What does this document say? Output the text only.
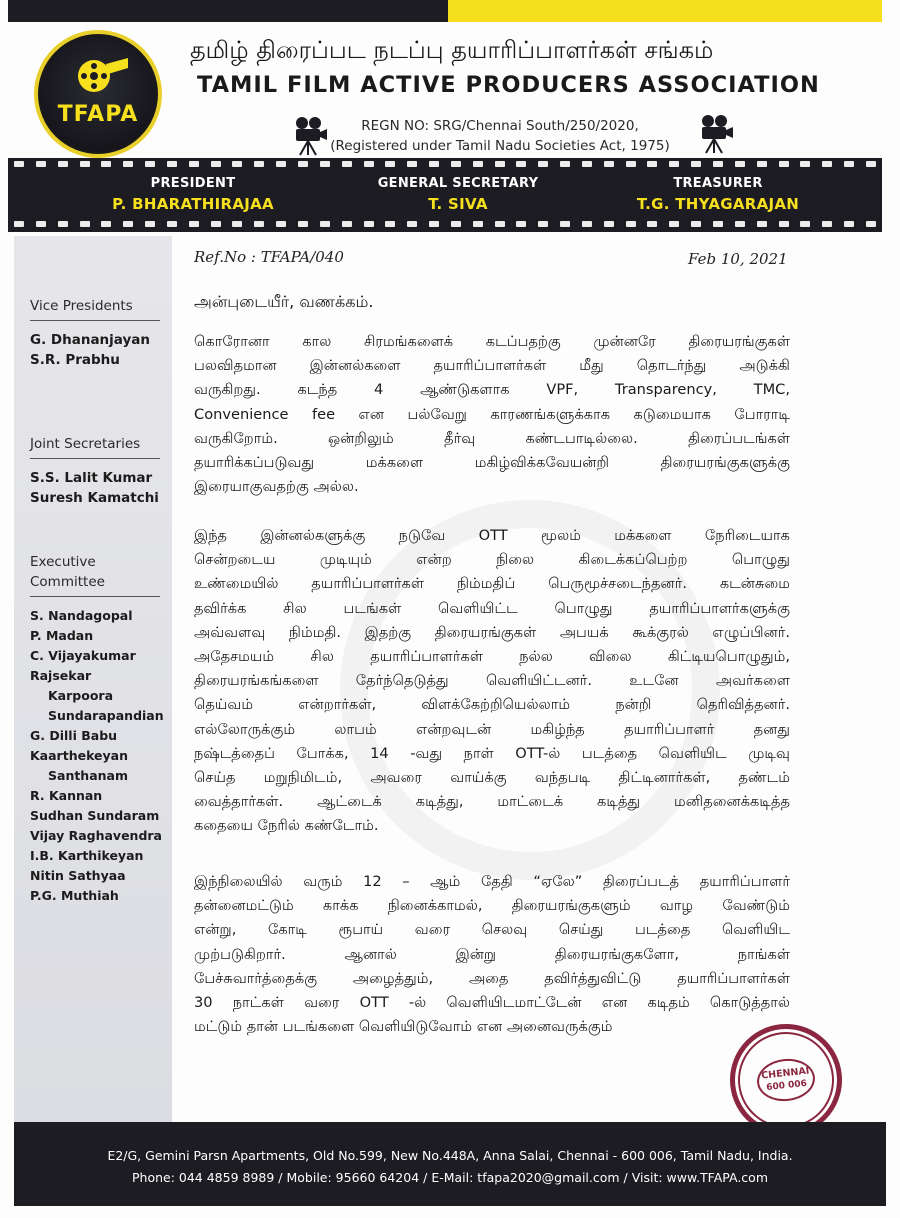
TFAPA
தமிழ் திரைப்பட நடப்பு தயாரிப்பாளர்கள் சங்கம்
TAMIL FILM ACTIVE PRODUCERS ASSOCIATION
REGN NO: SRG/Chennai South/250/2020,
(Registered under Tamil Nadu Societies Act, 1975)
PRESIDENT
P. BHARATHIRAJAA
GENERAL SECRETARY
T. SIVA
TREASURER
T.G. THYAGARAJAN
Vice Presidents
G. Dhananjayan
S.R. Prabhu
Joint Secretaries
S.S. Lalit Kumar
Suresh Kamatchi
Executive
Committee
S. Nandagopal
P. Madan
C. Vijayakumar
Rajsekar
Karpoora
Sundarapandian
G. Dilli Babu
Kaarthekeyan
Santhanam
R. Kannan
Sudhan Sundaram
Vijay Raghavendra
I.B. Karthikeyan
Nitin Sathyaa
P.G. Muthiah
Ref.No : TFAPA/040	Feb 10, 2021
அன்புடையீர், வணக்கம்.
கொரோனா கால சிரமங்களைக் கடப்பதற்கு முன்னரே திரையரங்குகள்
பலவிதமான இன்னல்களை தயாரிப்பாளர்கள் மீது தொடர்ந்து அடுக்கி
வருகிறது. கடந்த 4 ஆண்டுகளாக VPF, Transparency, TMC,
Convenience fee என பல்வேறு காரணங்களுக்காக கடுமையாக போராடி
வருகிறோம். ஒன்றிலும் தீர்வு கண்டபாடில்லை. திரைப்படங்கள்
தயாரிக்கப்படுவது மக்களை மகிழ்விக்கவேயன்றி திரையரங்குகளுக்கு
இரையாகுவதற்கு அல்ல.
இந்த இன்னல்களுக்கு நடுவே OTT மூலம் மக்களை நேரிடையாக
சென்றடைய முடியும் என்ற நிலை கிடைக்கப்பெற்ற பொழுது
உண்மையில் தயாரிப்பாளர்கள் நிம்மதிப் பெருமூச்சடைந்தனர். கடன்சுமை
தவிர்க்க சில படங்கள் வெளியிட்ட பொழுது தயாரிப்பாளர்களுக்கு
அவ்வளவு நிம்மதி. இதற்கு திரையரங்குகள் அபயக் கூக்குரல் எழுப்பினர்.
அதேசமயம் சில தயாரிப்பாளர்கள் நல்ல விலை கிட்டியபொழுதும்,
திரையரங்கங்களை தேர்ந்தெடுத்து வெளியிட்டனர். உடனே அவர்களை
தெய்வம் என்றார்கள், விளக்கேற்றியெல்லாம் நன்றி தெரிவித்தனர்.
எல்லோருக்கும் லாபம் என்றவுடன் மகிழ்ந்த தயாரிப்பாளர் தனது
நஷ்டத்தைப் போக்க, 14 -வது நாள் OTT-ல் படத்தை வெளியிட முடிவு
செய்த மறுநிமிடம், அவரை வாய்க்கு வந்தபடி திட்டினார்கள், தண்டம்
வைத்தார்கள். ஆட்டைக் கடித்து, மாட்டைக் கடித்து மனிதனைக்கடித்த
கதையை நேரில் கண்டோம்.
இந்நிலையில் வரும் 12 – ஆம் தேதி “ஏலே” திரைப்படத் தயாரிப்பாளர்
தன்னைமட்டும் காக்க நினைக்காமல், திரையரங்குகளும் வாழ வேண்டும்
என்று, கோடி ரூபாய் வரை செலவு செய்து படத்தை வெளியிட
முற்படுகிறார். ஆனால் இன்று திரையரங்குகளோ, நாங்கள்
பேச்சுவார்த்தைக்கு அழைத்தும், அதை தவிர்த்துவிட்டு தயாரிப்பாளர்கள்
30 நாட்கள் வரை OTT -ல் வெளியிடமாட்டேன் என கடிதம் கொடுத்தால்
மட்டும் தான் படங்களை வெளியிடுவோம் என அனைவருக்கும்
CHENNAI
600 006
E2/G, Gemini Parsn Apartments, Old No.599, New No.448A, Anna Salai, Chennai - 600 006, Tamil Nadu, India.
Phone: 044 4859 8989 / Mobile: 95660 64204 / E-Mail: tfapa2020@gmail.com / Visit: www.TFAPA.com
